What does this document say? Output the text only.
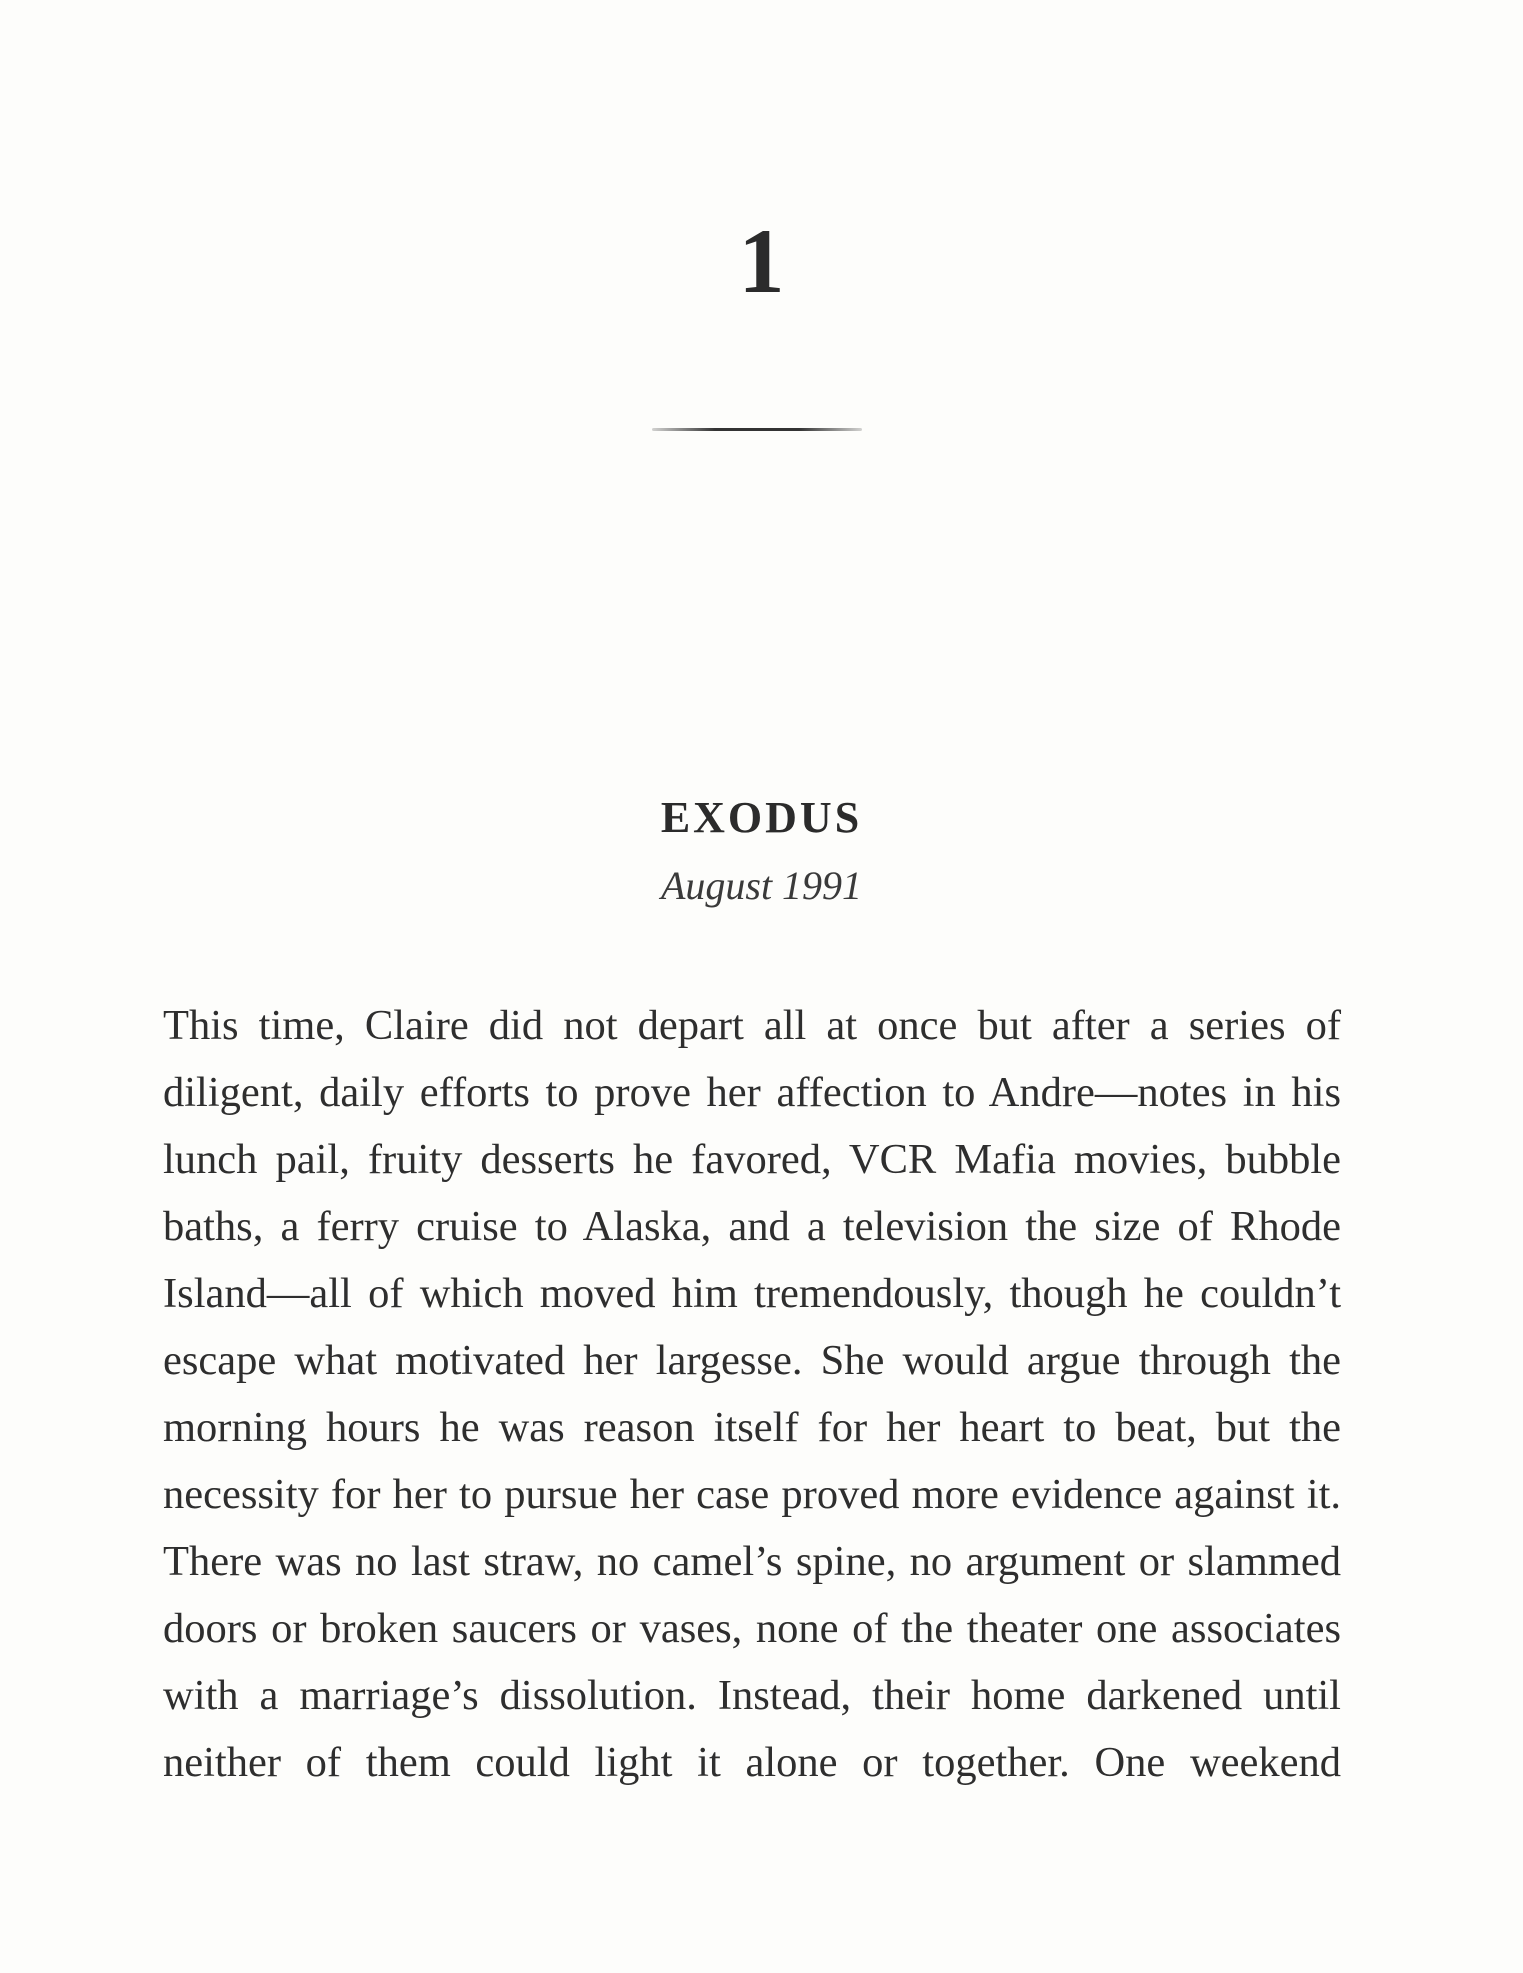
1
EXODUS
August 1991
This time, Claire did not depart all at once but after a series of
diligent, daily efforts to prove her affection to Andre—notes in his
lunch pail, fruity desserts he favored, VCR Mafia movies, bubble
baths, a ferry cruise to Alaska, and a television the size of Rhode
Island—all of which moved him tremendously, though he couldn’t
escape what motivated her largesse. She would argue through the
morning hours he was reason itself for her heart to beat, but the
necessity for her to pursue her case proved more evidence against it.
There was no last straw, no camel’s spine, no argument or slammed
doors or broken saucers or vases, none of the theater one associates
with a marriage’s dissolution. Instead, their home darkened until
neither of them could light it alone or together. One weekend
